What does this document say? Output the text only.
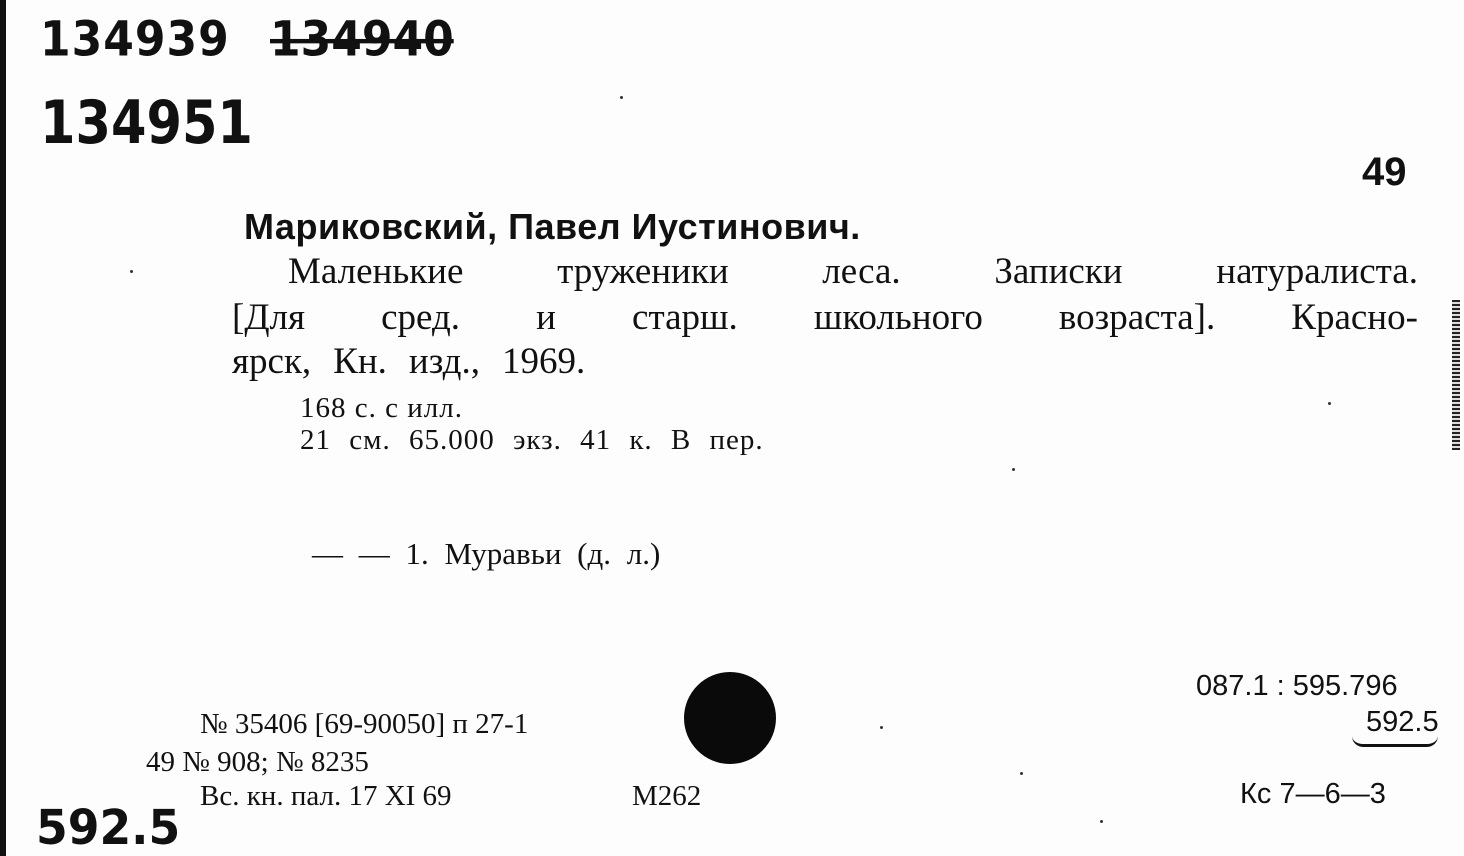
134939 134940
134951
49
Мариковский, Павел Иустинович.
Маленькие	труженики	леса.	Записки	натуралиста.
[Для сред. и старш. школьного возраста]. Красно-
ярск, Кн. изд., 1969.
168 с. с илл.
21 см. 65.000 экз. 41 к. В пер.
— — 1. Муравьи (д. л.)
№ 35406 [69-90050] п 27-1
49 № 908; № 8235
Вс. кн. пал. 17 XI 69	М262
087.1 : 595.796
592.5
Кс 7—6—3
592.5
